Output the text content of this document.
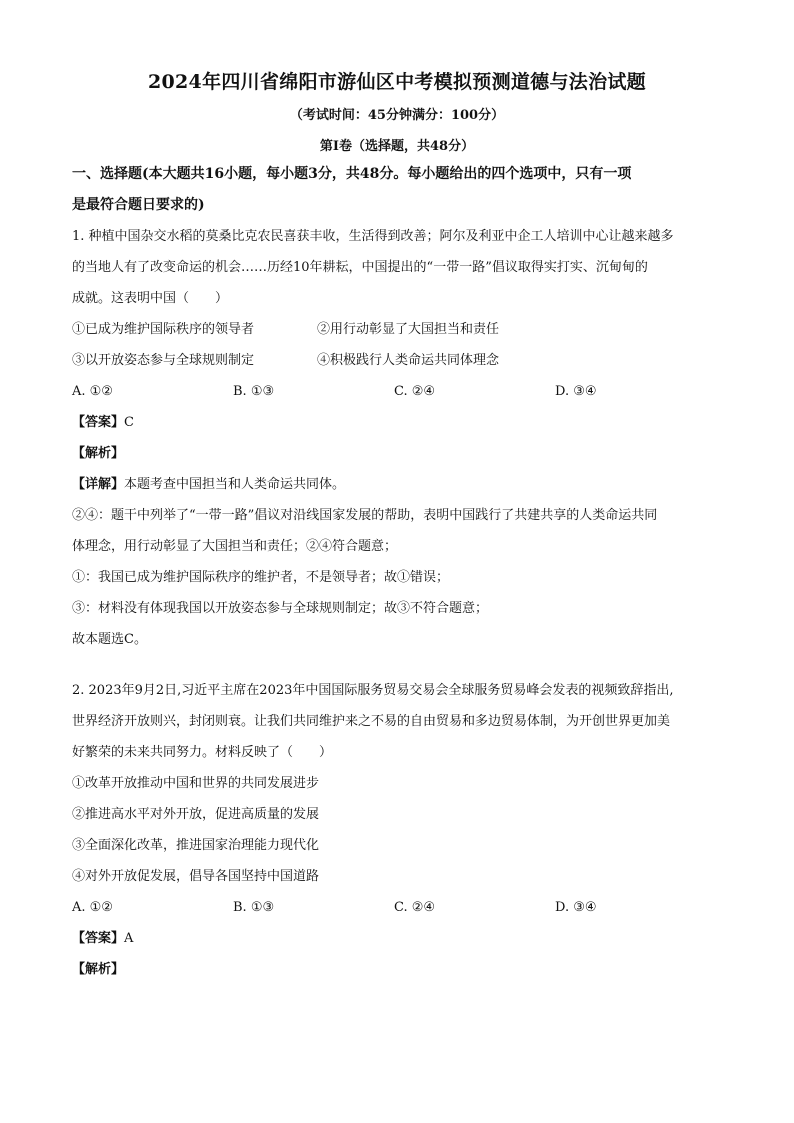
2024年四川省绵阳市游仙区中考模拟预测道德与法治试题
（考试时间：45分钟满分：100分）
第Ⅰ卷（选择题，共48分）
一、选择题(本大题共16小题，每小题3分，共48分。每小题给出的四个选项中，只有一项
是最符合题日要求的)
1. 种植中国杂交水稻的莫桑比克农民喜获丰收，生活得到改善；阿尔及利亚中企工人培训中心让越来越多
的当地人有了改变命运的机会……历经10年耕耘，中国提出的“一带一路”倡议取得实打实、沉甸甸的
成就。这表明中国（　　）
①已成为维护国际秩序的领导者	②用行动彰显了大国担当和责任
③以开放姿态参与全球规则制定	④积极践行人类命运共同体理念
A. ①②	B. ①③	C. ②④	D. ③④
【答案】C
【解析】
【详解】本题考查中国担当和人类命运共同体。
②④：题干中列举了“一带一路”倡议对沿线国家发展的帮助，表明中国践行了共建共享的人类命运共同
体理念，用行动彰显了大国担当和责任；②④符合题意；
①：我国已成为维护国际秩序的维护者，不是领导者；故①错误；
③：材料没有体现我国以开放姿态参与全球规则制定；故③不符合题意；
故本题选C。
2. 2023年9月2日,习近平主席在2023年中国国际服务贸易交易会全球服务贸易峰会发表的视频致辞指出,
世界经济开放则兴，封闭则衰。让我们共同维护来之不易的自由贸易和多边贸易体制，为开创世界更加美
好繁荣的未来共同努力。材料反映了（　　）
①改革开放推动中国和世界的共同发展进步
②推进高水平对外开放，促进高质量的发展
③全面深化改革，推进国家治理能力现代化
④对外开放促发展，倡导各国坚持中国道路
A. ①②	B. ①③	C. ②④	D. ③④
【答案】A
【解析】
